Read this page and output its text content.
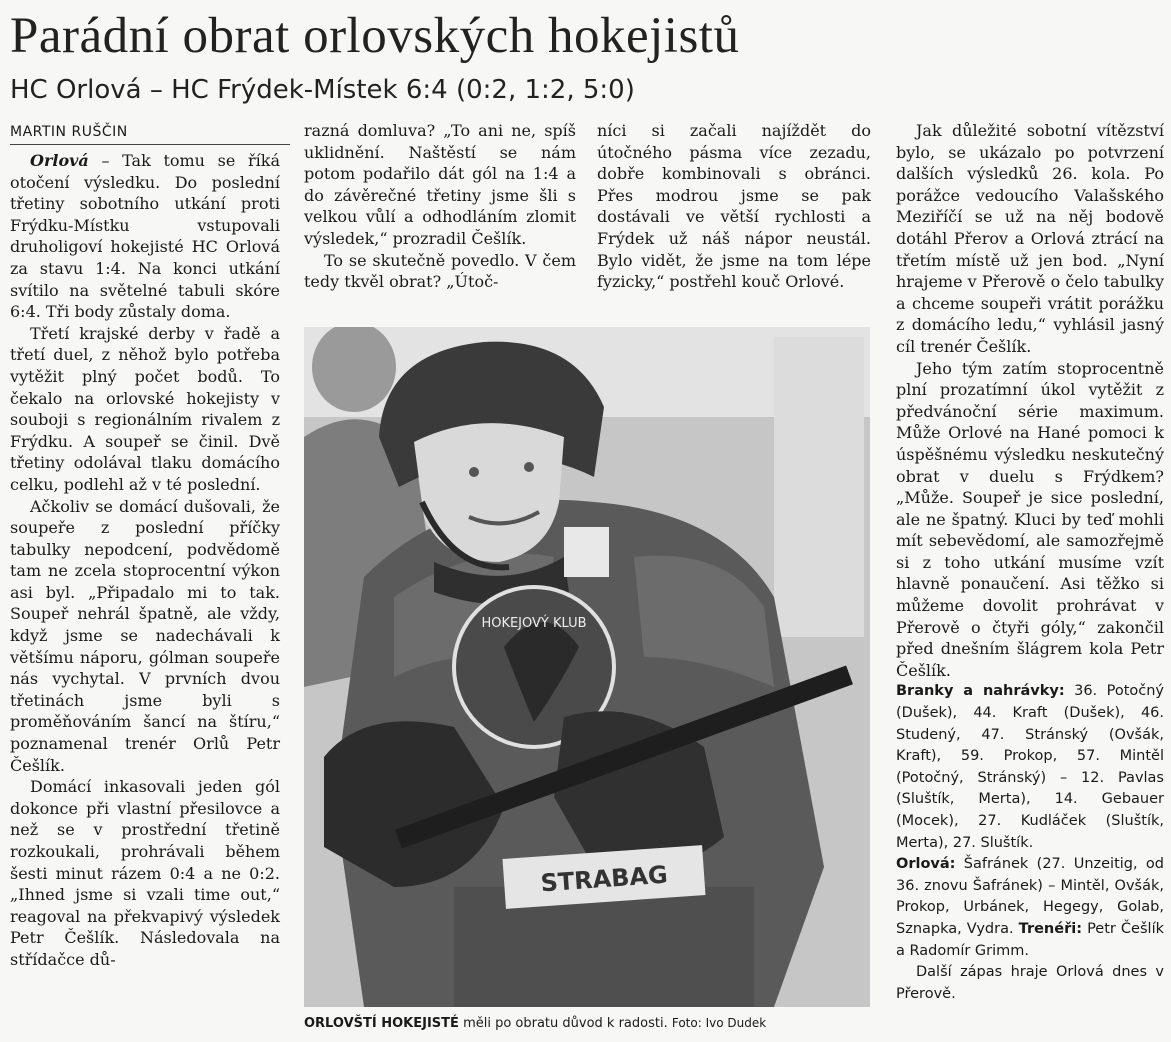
Parádní obrat orlovských hokejistů
HC Orlová – HC Frýdek-Místek 6:4 (0:2, 1:2, 5:0)
MARTIN RUŠČIN

Orlová – Tak tomu se říká otočení výsledku. Do poslední třetiny sobotního utkání proti Frýdku-Místku vstupovali druholigoví hokejisté HC Orlová za stavu 1:4. Na konci utkání svítilo na světelné tabuli skóre 6:4. Tři body zůstaly doma.

Třetí krajské derby v řadě a třetí duel, z něhož bylo potřeba vytěžit plný počet bodů. To čekalo na orlovské hokejisty v souboji s regionálním rivalem z Frýdku. A soupeř se činil. Dvě třetiny odolával tlaku domácího celku, podlehl až v té poslední.

Ačkoliv se domácí dušovali, že soupeře z poslední příčky tabulky nepodcení, podvědomě tam ne zcela stoprocentní výkon asi byl. „Připadalo mi to tak. Soupeř nehrál špatně, ale vždy, když jsme se nadechávali k většímu náporu, gólman soupeře nás vychytal. V prvních dvou třetinách jsme byli s proměňováním šancí na štíru,“ poznamenal trenér Orlů Petr Češlík.

Domácí inkasovali jeden gól dokonce při vlastní přesilovce a než se v prostřední třetině rozkoukali, prohrávali během šesti minut rázem 0:4 a ne 0:2. „Ihned jsme si vzali time out,“ reagoval na překvapivý výsledek Petr Češlík. Následovala na střídačce dů-

razná domluva? „To ani ne, spíš uklidnění. Naštěstí se nám potom podařilo dát gól na 1:4 a do závěrečné třetiny jsme šli s velkou vůlí a odhodláním zlomit výsledek,“ prozradil Češlík.

To se skutečně povedlo. V čem tedy tkvěl obrat? „Útoč-

níci si začali najíždět do útočného pásma více zezadu, dobře kombinovali s obránci. Přes modrou jsme se pak dostávali ve větší rychlosti a Frýdek už náš nápor neustál. Bylo vidět, že jsme na tom lépe fyzicky,“ postřehl kouč Orlové.

Jak důležité sobotní vítězství bylo, se ukázalo po potvrzení dalších výsledků 26. kola. Po porážce vedoucího Valašského Meziříčí se už na něj bodově dotáhl Přerov a Orlová ztrácí na třetím místě už jen bod. „Nyní hrajeme v Přerově o čelo tabulky a chceme soupeři vrátit porážku z domácího ledu,“ vyhlásil jasný cíl trenér Češlík.

Jeho tým zatím stoprocentně plní prozatímní úkol vytěžit z předvánoční série maximum. Může Orlové na Hané pomoci k úspěšnému výsledku neskutečný obrat v duelu s Frýdkem? „Může. Soupeř je sice poslední, ale ne špatný. Kluci by teď mohli mít sebevědomí, ale samozřejmě si z toho utkání musíme vzít hlavně ponaučení. Asi těžko si můžeme dovolit prohrávat v Přerově o čtyři góly,“ zakončil před dnešním šlágrem kola Petr Češlík.

Branky a nahrávky: 36. Potočný (Dušek), 44. Kraft (Dušek), 46. Studený, 47. Stránský (Ovšák, Kraft), 59. Prokop, 57. Mintěl (Potočný, Stránský) – 12. Pavlas (Sluštík, Merta), 14. Gebauer (Mocek), 27. Kudláček (Sluštík, Merta), 27. Sluštík.

Orlová: Šafránek (27. Unzeitig, od 36. znovu Šafránek) – Mintěl, Ovšák, Prokop, Urbánek, Hegegy, Golab, Sznapka, Vydra. Trenéři: Petr Češlík a Radomír Grimm.

Další zápas hraje Orlová dnes v Přerově.

HOKEJOVÝ KLUB
STRABAG
ORLOVŠTÍ HOKEJISTÉ měli po obratu důvod k radosti. Foto: Ivo Dudek
